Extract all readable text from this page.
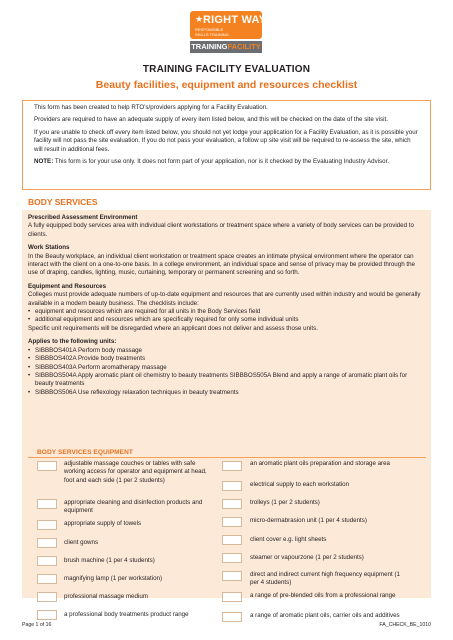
★ RIGHT WAY
RESPONSIBLE SKILLS TRAINING
TRAININGFACILITY
TRAINING FACILITY EVALUATION
Beauty facilities, equipment and resources checklist

This form has been created to help RTO’s/providers applying for a Facility Evaluation.

Providers are required to have an adequate supply of every item listed below, and this will be checked on the date of the site visit.

If you are unable to check off every item listed below, you should not yet lodge your application for a Facility Evaluation, as it is possible your facility will not pass the site evaluation. If you do not pass your evaluation, a follow up site visit will be required to re-assess the site, which will result in additional fees.

NOTE: This form is for your use only. It does not form part of your application, nor is it checked by the Evaluating Industry Advisor.

BODY SERVICES
Prescribed Assessment Environment

A fully equipped body services area with individual client workstations or treatment space where a variety of body services can be provided to clients.

Work Stations

In the Beauty workplace, an individual client workstation or treatment space creates an intimate physical environment where the operator can interact with the client on a one-to-one basis. In a college environment, an individual space and sense of privacy may be provided through the use of draping, candles, lighting, music, curtaining, temporary or permanent screening and so forth.

Equipment and Resources

Colleges must provide adequate numbers of up-to-date equipment and resources that are currently used within industry and would be generally available in a modern beauty business. The checklists include:

• equipment and resources which are required for all units in the Body Services field
• additional equipment and resources which are specifically required for only some individual units

Specific unit requirements will be disregarded where an applicant does not deliver and assess those units.

Applies to the following units:
• SIBBBOS401A Perform body massage
• SIBBBOS402A Provide body treatments
• SIBBBOS403A Perform aromatherapy massage
• SIBBBOS504A Apply aromatic plant oil chemistry to beauty treatments SIBBBOS505A Blend and apply a range of aromatic plant oils for beauty treatments
• SIBBBOS506A Use reflexology relaxation techniques in beauty treatments
BODY SERVICES EQUIPMENT
adjustable massage couches or tables with safe working access for operator and equipment at head, foot and each side (1 per 2 students)
appropriate cleaning and disinfection products and equipment
appropriate supply of towels
client gowns
brush machine (1 per 4 students)
magnifying lamp (1 per workstation)
professional massage medium
a professional body treatments product range
an aromatic plant oils preparation and storage area
electrical supply to each workstation
trolleys (1 per 2 students)
micro-dermabrasion unit (1 per 4 students)
client cover e.g. light sheets
steamer or vapourzone (1 per 2 students)
direct and indirect current high frequency equipment (1 per 4 students)
a range of pre-blended oils from a professional range
a range of aromatic plant oils, carrier oils and additives
Page 1 of 16	FA_CHECK_BE_1010
